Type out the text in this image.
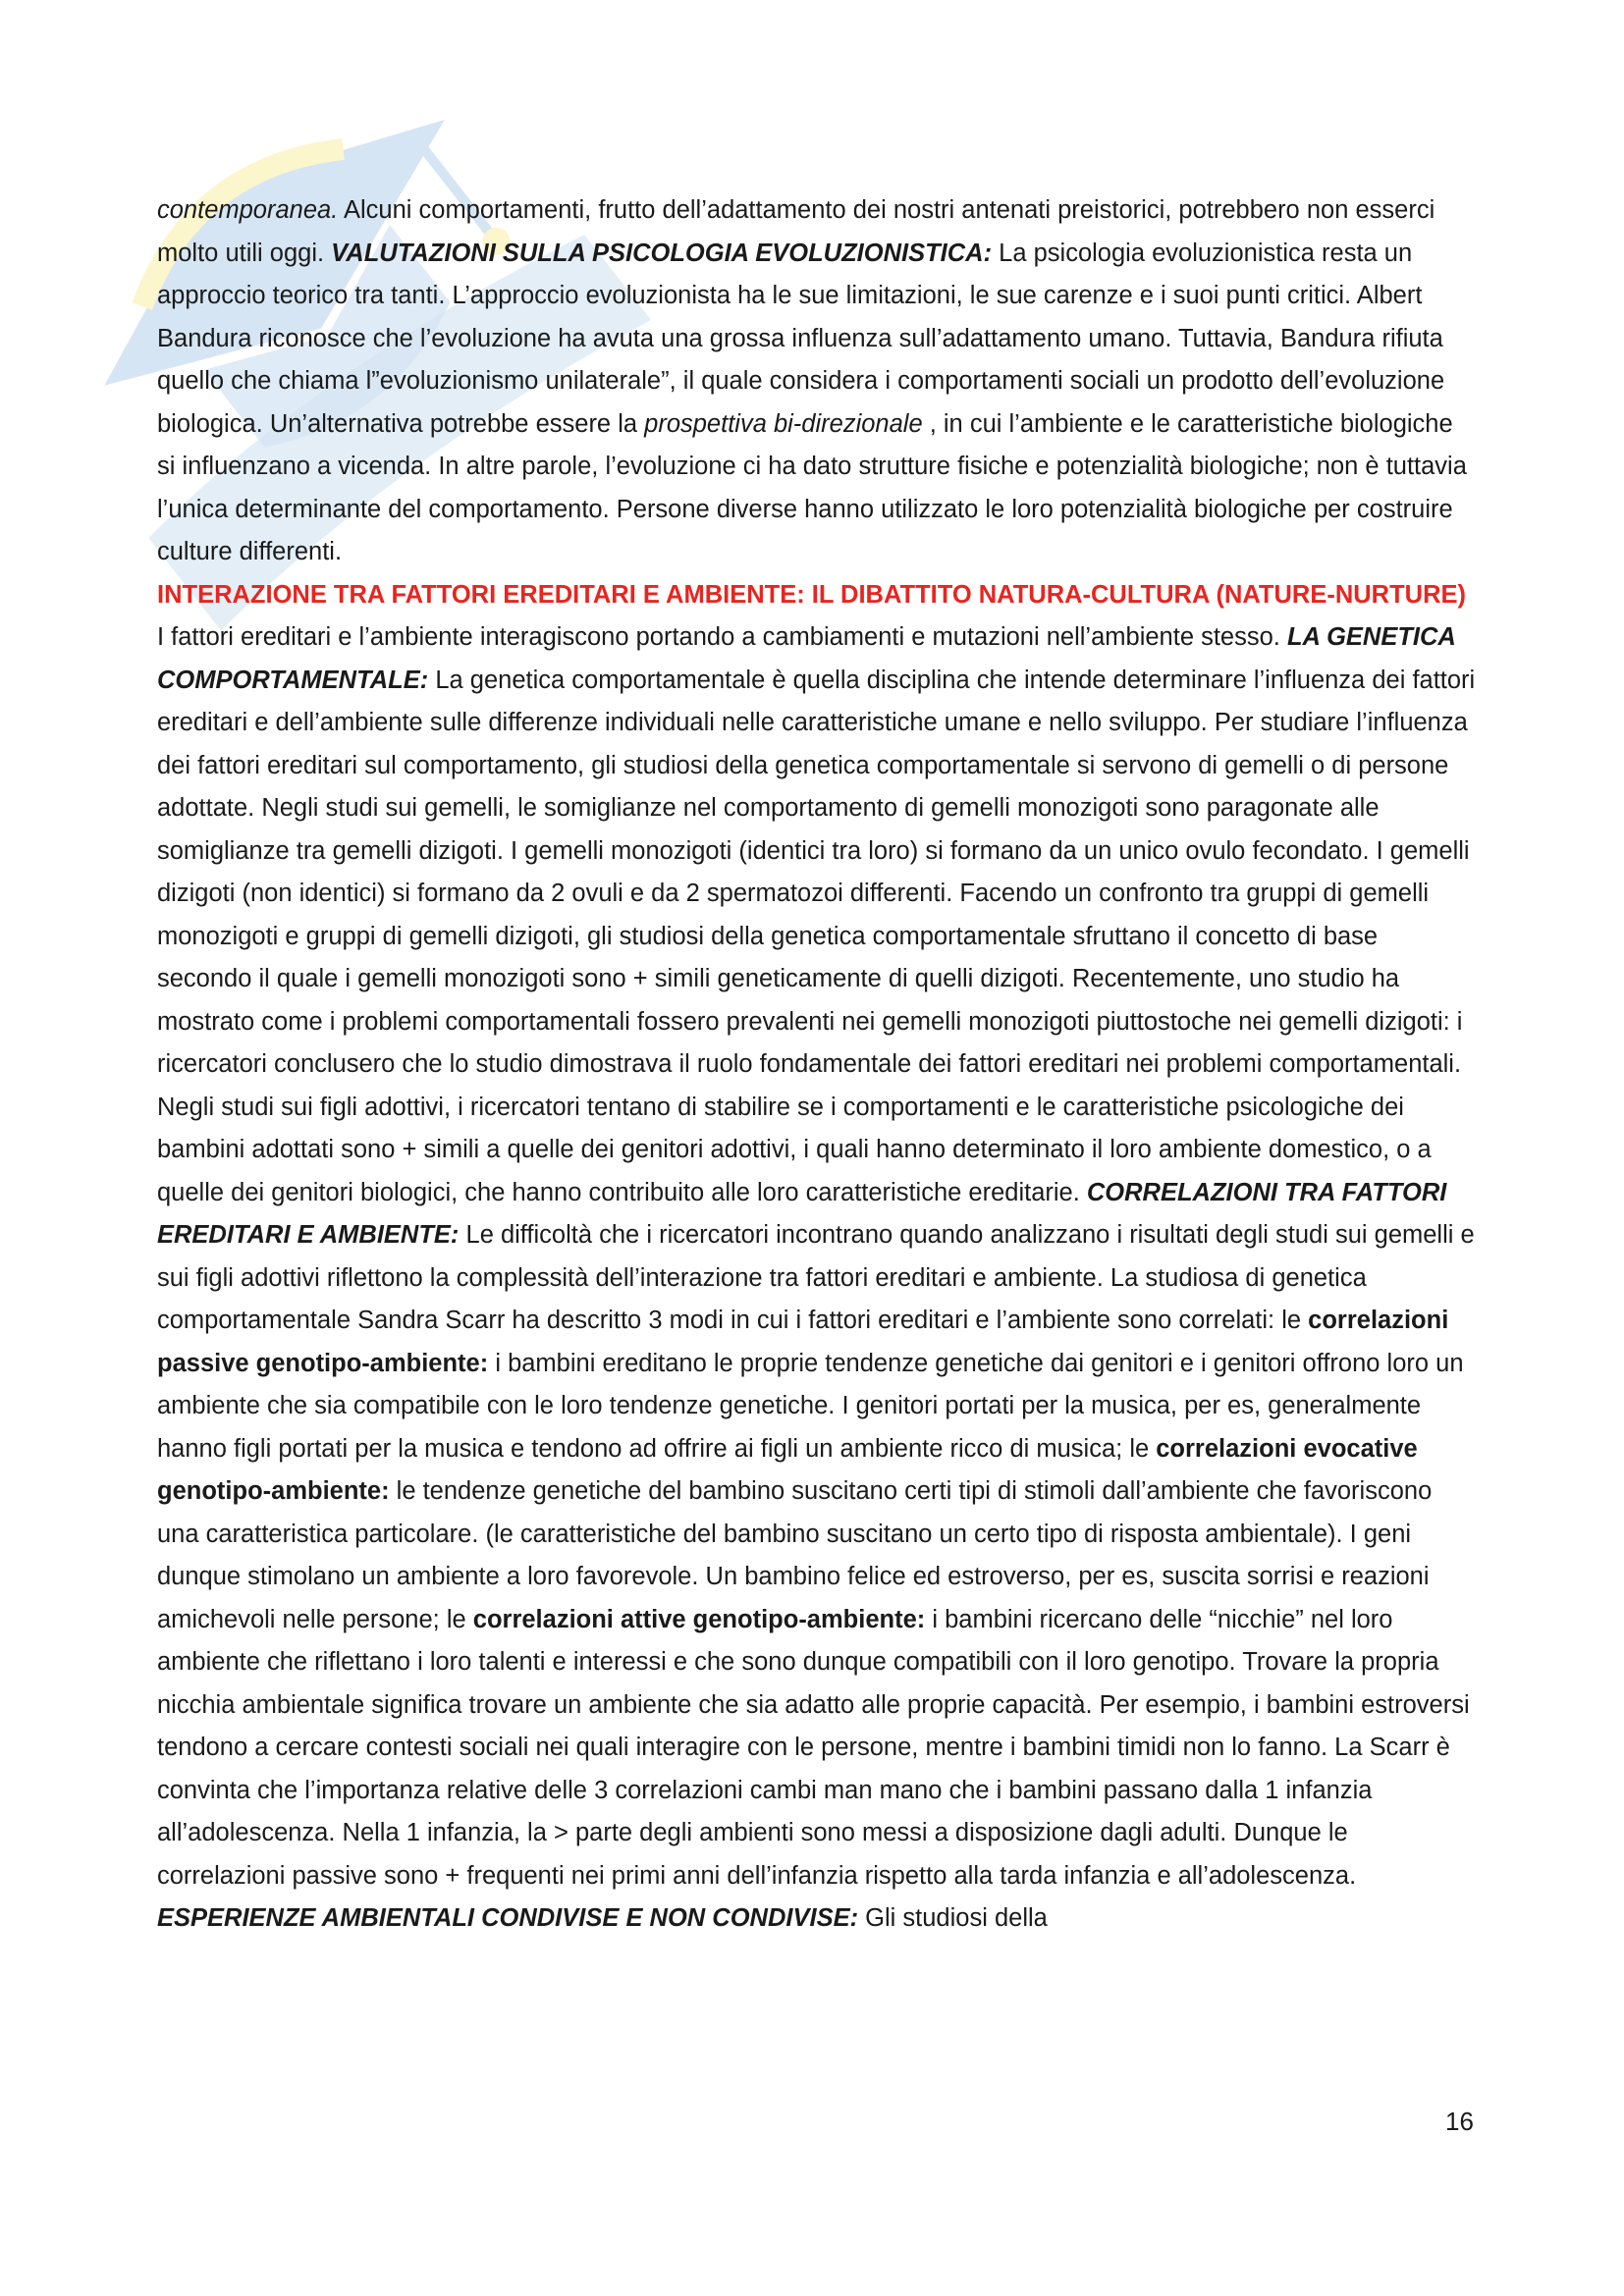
contemporanea. Alcuni comportamenti, frutto dell’adattamento dei nostri antenati preistorici, potrebbero non esserci molto utili oggi. VALUTAZIONI SULLA PSICOLOGIA EVOLUZIONISTICA: La psicologia evoluzionistica resta un approccio teorico tra tanti. L’approccio evoluzionista ha le sue limitazioni, le sue carenze e i suoi punti critici. Albert Bandura riconosce che l’evoluzione ha avuta una grossa influenza sull’adattamento umano. Tuttavia, Bandura rifiuta quello che chiama l”evoluzionismo unilaterale”, il quale considera i comportamenti sociali un prodotto dell’evoluzione biologica. Un’alternativa potrebbe essere la prospettiva bi-direzionale , in cui l’ambiente e le caratteristiche biologiche si influenzano a vicenda. In altre parole, l’evoluzione ci ha dato strutture fisiche e potenzialità biologiche; non è tuttavia l’unica determinante del comportamento. Persone diverse hanno utilizzato le loro potenzialità biologiche per costruire culture differenti.

INTERAZIONE TRA FATTORI EREDITARI E AMBIENTE: IL DIBATTITO NATURA-CULTURA (NATURE-NURTURE)

I fattori ereditari e l’ambiente interagiscono portando a cambiamenti e mutazioni nell’ambiente stesso. LA GENETICA COMPORTAMENTALE: La genetica comportamentale è quella disciplina che intende determinare l’influenza dei fattori ereditari e dell’ambiente sulle differenze individuali nelle caratteristiche umane e nello sviluppo. Per studiare l’influenza dei fattori ereditari sul comportamento, gli studiosi della genetica comportamentale si servono di gemelli o di persone adottate. Negli studi sui gemelli, le somiglianze nel comportamento di gemelli monozigoti sono paragonate alle somiglianze tra gemelli dizigoti. I gemelli monozigoti (identici tra loro) si formano da un unico ovulo fecondato. I gemelli dizigoti (non identici) si formano da 2 ovuli e da 2 spermatozoi differenti. Facendo un confronto tra gruppi di gemelli monozigoti e gruppi di gemelli dizigoti, gli studiosi della genetica comportamentale sfruttano il concetto di base secondo il quale i gemelli monozigoti sono + simili geneticamente di quelli dizigoti. Recentemente, uno studio ha mostrato come i problemi comportamentali fossero prevalenti nei gemelli monozigoti piuttostoche nei gemelli dizigoti: i ricercatori conclusero che lo studio dimostrava il ruolo fondamentale dei fattori ereditari nei problemi comportamentali. Negli studi sui figli adottivi, i ricercatori tentano di stabilire se i comportamenti e le caratteristiche psicologiche dei bambini adottati sono + simili a quelle dei genitori adottivi, i quali hanno determinato il loro ambiente domestico, o a quelle dei genitori biologici, che hanno contribuito alle loro caratteristiche ereditarie. CORRELAZIONI TRA FATTORI EREDITARI E AMBIENTE: Le difficoltà che i ricercatori incontrano quando analizzano i risultati degli studi sui gemelli e sui figli adottivi riflettono la complessità dell’interazione tra fattori ereditari e ambiente. La studiosa di genetica comportamentale Sandra Scarr ha descritto 3 modi in cui i fattori ereditari e l’ambiente sono correlati: le correlazioni passive genotipo-ambiente: i bambini ereditano le proprie tendenze genetiche dai genitori e i genitori offrono loro un ambiente che sia compatibile con le loro tendenze genetiche. I genitori portati per la musica, per es, generalmente hanno figli portati per la musica e tendono ad offrire ai figli un ambiente ricco di musica; le correlazioni evocative genotipo-ambiente: le tendenze genetiche del bambino suscitano certi tipi di stimoli dall’ambiente che favoriscono una caratteristica particolare. (le caratteristiche del bambino suscitano un certo tipo di risposta ambientale). I geni dunque stimolano un ambiente a loro favorevole. Un bambino felice ed estroverso, per es, suscita sorrisi e reazioni amichevoli nelle persone; le correlazioni attive genotipo-ambiente: i bambini ricercano delle “nicchie” nel loro ambiente che riflettano i loro talenti e interessi e che sono dunque compatibili con il loro genotipo. Trovare la propria nicchia ambientale significa trovare un ambiente che sia adatto alle proprie capacità. Per esempio, i bambini estroversi tendono a cercare contesti sociali nei quali interagire con le persone, mentre i bambini timidi non lo fanno. La Scarr è convinta che l’importanza relative delle 3 correlazioni cambi man mano che i bambini passano dalla 1 infanzia all’adolescenza. Nella 1 infanzia, la > parte degli ambienti sono messi a disposizione dagli adulti. Dunque le correlazioni passive sono + frequenti nei primi anni dell’infanzia rispetto alla tarda infanzia e all’adolescenza. ESPERIENZE AMBIENTALI CONDIVISE E NON CONDIVISE: Gli studiosi della

16
